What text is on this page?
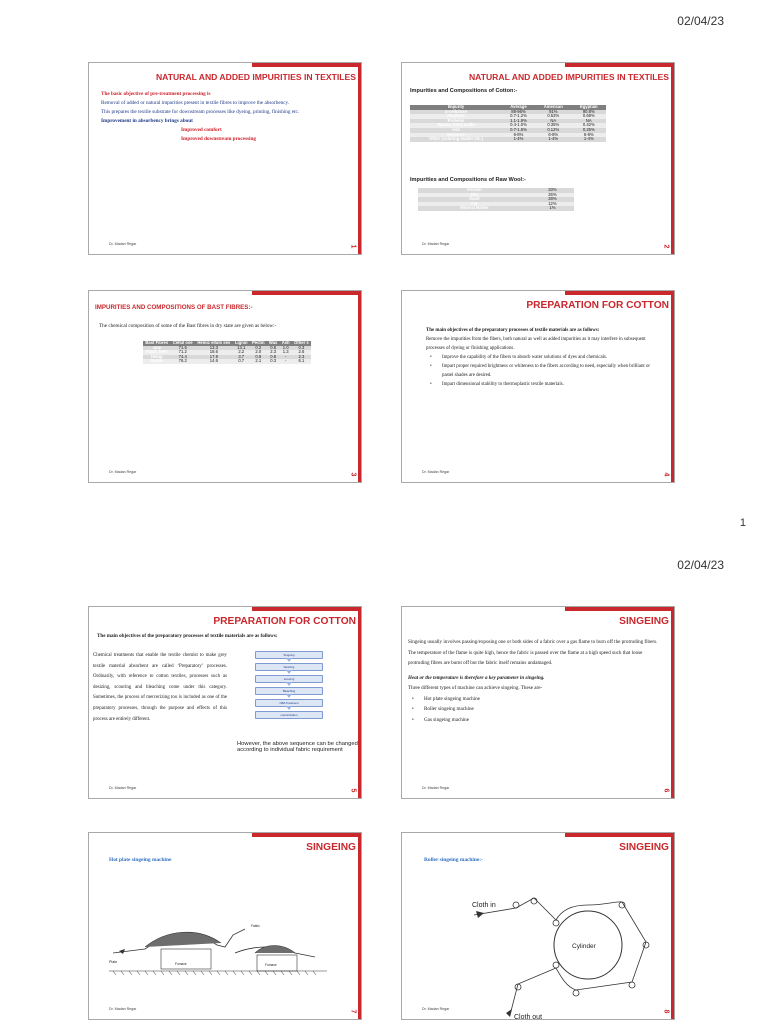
02/04/23
1
02/04/23
NATURAL AND ADDED IMPURITIES IN TEXTILES
The basic objective of pre-treatment processing is
Removal of added or natural impurities present in textile fibres to improve the absorbency.
This prepares the textile substrate for downstream processes like dyeing, printing, finishing etc.
Improvement in absorbency brings about
Improved comfort
Improved downstream processing
Dr. Madan Regar
1
NATURAL AND ADDED IMPURITIES IN TEXTILES
Impurities and Compositions of Cotton:-
Impurity	Average	American	Egyptian
α-cellulose	88-96%	91%	90.8%
Pectines	0.7-1.2%	0.53%	0.68%
Proteins	1.1-1.9%	NA	NA
Waxes, Fatty acids	0.4-1.0%	0.35%	0.42%
Ash	0.7-1.6%	0.12%	0.25%
Moisture	6-8%	6-8%	6-8%
Other (coloring matter etc.)	1-4%	1-4%	1-4%
Impurities and Compositions of Raw Wool:-
Keratin	33%
Dirt	26%
Suint	28%
Fat	12%
Mineral Matter	1%
Dr. Madan Regar
2
IMPURITIES AND COMPOSITIONS OF BAST FIBRES:-
The chemical composition of some of the Bast fibres in dry state are given as below:-
Bast Fibres	Cellul ose	Hemic ellulo ses	Lignin	Pectin	Wax	Ash	Other s
Jute	71.5	13.3	13.1	0.2	0.6	1.0	0.3
Flax/L inen	71.2	18.6	2.2	2.0	2.3	1.3	2.6
Hemp	74.4	17.9	3.7	0.9	0.8	-	2.3
Ramie	76.2	14.6	0.7	2.1	0.3	-	6.1
Dr. Madan Regar
3
PREPARATION FOR COTTON
The main objectives of the preparatory processes of textile materials are as follows:
Remove the impurities from the fibers, both natural as well as added impurities as it may interfere in subsequent processes of dyeing or finishing applications.
• Improve the capability of the fibers to absorb water solutions of dyes and chemicals.
• Impart proper required brightness or whiteness to the fibers according to need, especially when brilliant or pastel shades are desired.
• Impart dimensional stability to thermoplastic textile materials.
Dr. Madan Regar
4
PREPARATION FOR COTTON
The main objectives of the preparatory processes of textile materials are as follows:
Chemical treatments that enable the textile chemist to make grey textile material absorbent are called ‘Preparatory’ processes. Ordinarily, with reference to cotton textiles, processes such as desizing, scouring and bleaching come under this category. Sometimes, the process of mercerizing too is included as one of the preparatory processes, through the purpose and effects of this process are entirely different.
Singeing
Desizing
scouring
Bleaching
OBA Treatment
mercerization
However, the above sequence can be changed according to individual fabric requirement
Dr. Madan Regar
5
SINGEING
Singeing usually involves passing/exposing one or both sides of a fabric over a gas flame to burn off the protruding fibers.
The temperature of the flame is quite high, hence the fabric is passed over the flame at a high speed such that loose protruding fibres are burnt off but the fabric itself remains undamaged.
Heat or the temperature is therefore a key parameter in singeing.
Three different types of machine can achieve singeing. These are-
• Hot plate singeing machine
• Roller singeing machine
• Gas singeing machine
Dr. Madan Regar
6
SINGEING
Hot plate singeing machine
Plate	Furnace	Furnace
Fabric
Dr. Madan Regar
7
SINGEING
Roller singeing machine:-
Cloth in
Cylinder
Cloth out
Dr. Madan Regar
8
